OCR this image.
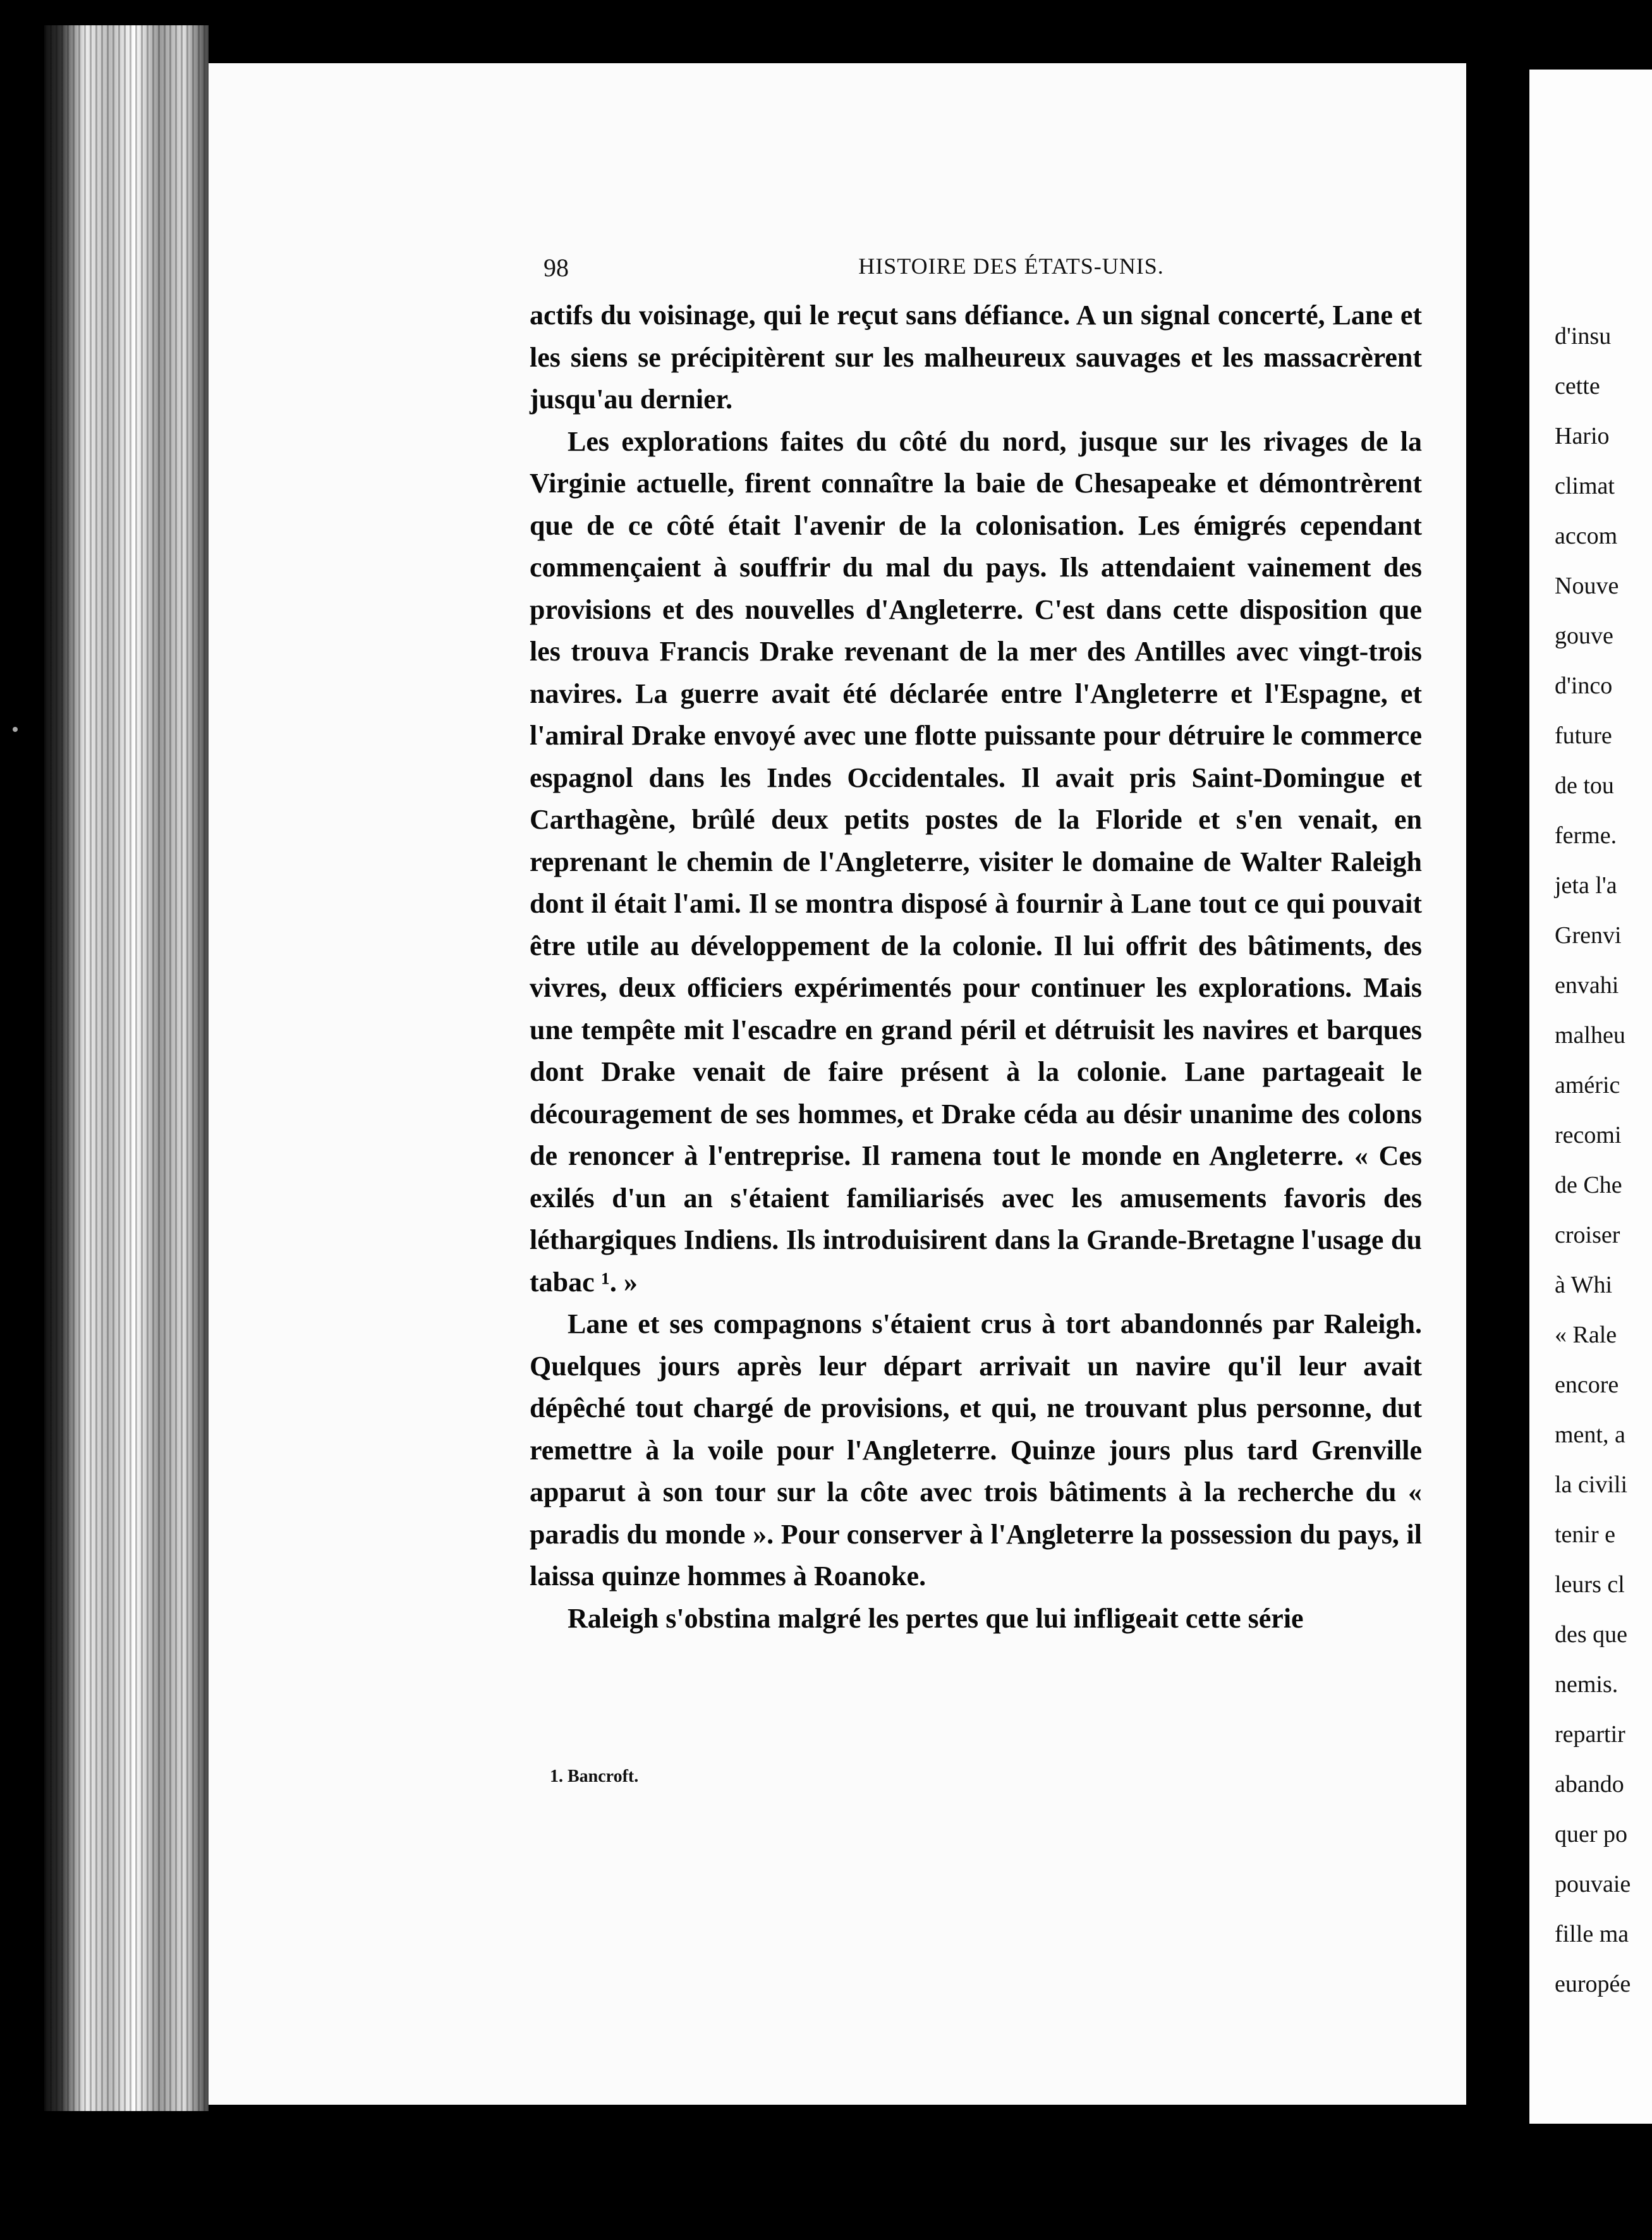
98	HISTOIRE DES ÉTATS-UNIS.

actifs du voisinage, qui le reçut sans défiance. A un signal concerté, Lane et les siens se précipitèrent sur les malheureux sauvages et les massacrèrent jusqu'au dernier.

Les explorations faites du côté du nord, jusque sur les rivages de la Virginie actuelle, firent connaître la baie de Chesapeake et démontrèrent que de ce côté était l'avenir de la colonisation. Les émigrés cependant commençaient à souffrir du mal du pays. Ils attendaient vainement des provisions et des nouvelles d'Angleterre. C'est dans cette disposition que les trouva Francis Drake revenant de la mer des Antilles avec vingt-trois navires. La guerre avait été déclarée entre l'Angleterre et l'Espagne, et l'amiral Drake envoyé avec une flotte puissante pour détruire le commerce espagnol dans les Indes Occidentales. Il avait pris Saint-Domingue et Carthagène, brûlé deux petits postes de la Floride et s'en venait, en reprenant le chemin de l'Angleterre, visiter le domaine de Walter Raleigh dont il était l'ami. Il se montra disposé à fournir à Lane tout ce qui pouvait être utile au développement de la colonie. Il lui offrit des bâtiments, des vivres, deux officiers expérimentés pour continuer les explorations. Mais une tempête mit l'escadre en grand péril et détruisit les navires et barques dont Drake venait de faire présent à la colonie. Lane partageait le découragement de ses hommes, et Drake céda au désir unanime des colons de renoncer à l'entreprise. Il ramena tout le monde en Angleterre. « Ces exilés d'un an s'étaient familiarisés avec les amusements favoris des léthargiques Indiens. Ils introduisirent dans la Grande-Bretagne l'usage du tabac ¹. »

Lane et ses compagnons s'étaient crus à tort abandonnés par Raleigh. Quelques jours après leur départ arrivait un navire qu'il leur avait dépêché tout chargé de provisions, et qui, ne trouvant plus personne, dut remettre à la voile pour l'Angleterre. Quinze jours plus tard Grenville apparut à son tour sur la côte avec trois bâtiments à la recherche du « paradis du monde ». Pour conserver à l'Angleterre la possession du pays, il laissa quinze hommes à Roanoke.

Raleigh s'obstina malgré les pertes que lui infligeait cette série

1. Bancroft.
d'insu
cette
Hario
climat
accom
Nouve
gouve
d'inco
future
de tou
ferme.
jeta l'a
Grenvi
envahi
malheu
améric
recomi
de Che
croiser
à Whi
« Rale
encore
ment, a
la civili
tenir e
leurs cl
des que
nemis.
repartir
abando
quer po
pouvaie
fille ma
europée
